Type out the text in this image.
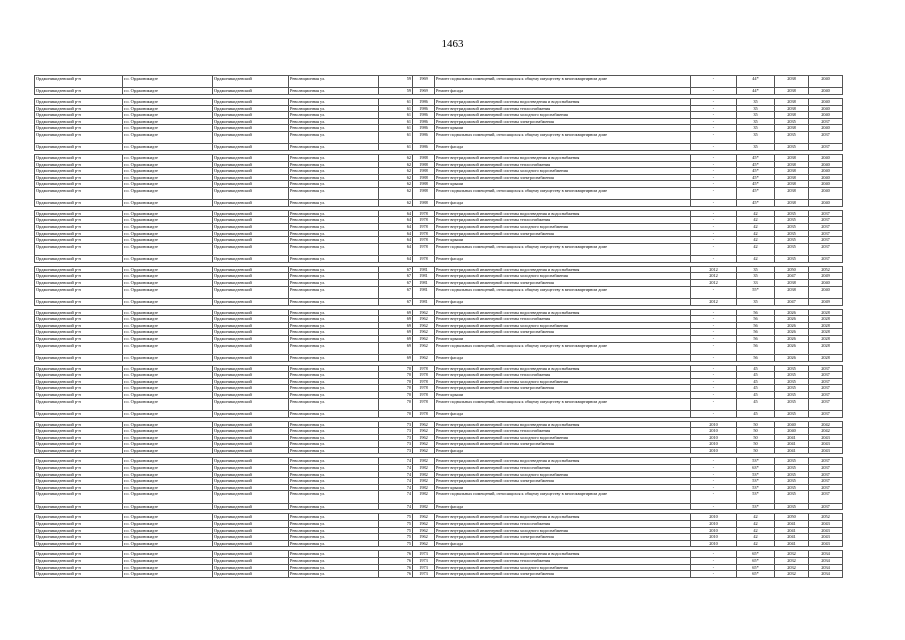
1463
Орджоникидзевский р-н	г.о. Орджоникидзе	Орджоникидзевский	Революционная ул.	59	1969	Ремонт подвальных помещений, относящихся к общему имуществу в многоквартирном доме	-	44*	2038	2040
Орджоникидзевский р-н	г.о. Орджоникидзе	Орджоникидзевский	Революционная ул.	59	1969	Ремонт фасада	-	44*	2038	2040

Орджоникидзевский р-н	г.о. Орджоникидзе	Орджоникидзевский	Революционная ул.	61	1986	Ремонт внутридомовой инженерной системы водоотведения и водоснабжения	-	35	2038	2040
Орджоникидзевский р-н	г.о. Орджоникидзе	Орджоникидзевский	Революционная ул.	61	1986	Ремонт внутридомовой инженерной системы теплоснабжения	-	35	2038	2040
Орджоникидзевский р-н	г.о. Орджоникидзе	Орджоникидзевский	Революционная ул.	61	1986	Ремонт внутридомовой инженерной системы холодного водоснабжения	-	35	2038	2040
Орджоникидзевский р-н	г.о. Орджоникидзе	Орджоникидзевский	Революционная ул.	61	1986	Ремонт внутридомовой инженерной системы электроснабжения	-	35	2035	2037
Орджоникидзевский р-н	г.о. Орджоникидзе	Орджоникидзевский	Революционная ул.	61	1986	Ремонт крыши	-	35	2038	2040
Орджоникидзевский р-н	г.о. Орджоникидзе	Орджоникидзевский	Революционная ул.	61	1986	Ремонт подвальных помещений, относящихся к общему имуществу в многоквартирном доме	-	35	2035	2037
Орджоникидзевский р-н	г.о. Орджоникидзе	Орджоникидзевский	Революционная ул.	61	1986	Ремонт фасада	-	35	2035	2037

Орджоникидзевский р-н	г.о. Орджоникидзе	Орджоникидзевский	Революционная ул.	62	1988	Ремонт внутридомовой инженерной системы водоотведения и водоснабжения	-	45*	2038	2040
Орджоникидзевский р-н	г.о. Орджоникидзе	Орджоникидзевский	Революционная ул.	62	1988	Ремонт внутридомовой инженерной системы теплоснабжения	-	45*	2038	2040
Орджоникидзевский р-н	г.о. Орджоникидзе	Орджоникидзевский	Революционная ул.	62	1988	Ремонт внутридомовой инженерной системы холодного водоснабжения	-	45*	2038	2040
Орджоникидзевский р-н	г.о. Орджоникидзе	Орджоникидзевский	Революционная ул.	62	1988	Ремонт внутридомовой инженерной системы электроснабжения	-	45*	2038	2040
Орджоникидзевский р-н	г.о. Орджоникидзе	Орджоникидзевский	Революционная ул.	62	1988	Ремонт крыши	-	45*	2038	2040
Орджоникидзевский р-н	г.о. Орджоникидзе	Орджоникидзевский	Революционная ул.	62	1988	Ремонт подвальных помещений, относящихся к общему имуществу в многоквартирном доме	-	45*	2038	2040
Орджоникидзевский р-н	г.о. Орджоникидзе	Орджоникидзевский	Революционная ул.	62	1988	Ремонт фасада	-	45*	2038	2040

Орджоникидзевский р-н	г.о. Орджоникидзе	Орджоникидзевский	Революционная ул.	64	1978	Ремонт внутридомовой инженерной системы водоотведения и водоснабжения	-	42	2035	2037
Орджоникидзевский р-н	г.о. Орджоникидзе	Орджоникидзевский	Революционная ул.	64	1978	Ремонт внутридомовой инженерной системы теплоснабжения	-	42	2035	2037
Орджоникидзевский р-н	г.о. Орджоникидзе	Орджоникидзевский	Революционная ул.	64	1978	Ремонт внутридомовой инженерной системы холодного водоснабжения	-	42	2035	2037
Орджоникидзевский р-н	г.о. Орджоникидзе	Орджоникидзевский	Революционная ул.	64	1978	Ремонт внутридомовой инженерной системы электроснабжения	-	42	2035	2037
Орджоникидзевский р-н	г.о. Орджоникидзе	Орджоникидзевский	Революционная ул.	64	1978	Ремонт крыши	-	42	2035	2037
Орджоникидзевский р-н	г.о. Орджоникидзе	Орджоникидзевский	Революционная ул.	64	1978	Ремонт подвальных помещений, относящихся к общему имуществу в многоквартирном доме	-	42	2035	2037
Орджоникидзевский р-н	г.о. Орджоникидзе	Орджоникидзевский	Революционная ул.	64	1978	Ремонт фасада	-	42	2035	2037

Орджоникидзевский р-н	г.о. Орджоникидзе	Орджоникидзевский	Революционная ул.	67	1981	Ремонт внутридомовой инженерной системы водоотведения и водоснабжения	2012	35	2050	2052
Орджоникидзевский р-н	г.о. Орджоникидзе	Орджоникидзевский	Революционная ул.	67	1981	Ремонт внутридомовой инженерной системы холодного водоснабжения	2012	35	2047	2049
Орджоникидзевский р-н	г.о. Орджоникидзе	Орджоникидзевский	Революционная ул.	67	1981	Ремонт внутридомовой инженерной системы электроснабжения	2012	33	2038	2040
Орджоникидзевский р-н	г.о. Орджоникидзе	Орджоникидзевский	Революционная ул.	67	1981	Ремонт подвальных помещений, относящихся к общему имуществу в многоквартирном доме	-	55*	2038	2040
Орджоникидзевский р-н	г.о. Орджоникидзе	Орджоникидзевский	Революционная ул.	67	1981	Ремонт фасада	2012	35	2047	2049

Орджоникидзевский р-н	г.о. Орджоникидзе	Орджоникидзевский	Революционная ул.	69	1962	Ремонт внутридомовой инженерной системы водоотведения и водоснабжения	-	56	2026	2028
Орджоникидзевский р-н	г.о. Орджоникидзе	Орджоникидзевский	Революционная ул.	69	1962	Ремонт внутридомовой инженерной системы теплоснабжения	-	56	2026	2028
Орджоникидзевский р-н	г.о. Орджоникидзе	Орджоникидзевский	Революционная ул.	69	1962	Ремонт внутридомовой инженерной системы холодного водоснабжения	-	56	2026	2028
Орджоникидзевский р-н	г.о. Орджоникидзе	Орджоникидзевский	Революционная ул.	69	1962	Ремонт внутридомовой инженерной системы электроснабжения	-	56	2026	2028
Орджоникидзевский р-н	г.о. Орджоникидзе	Орджоникидзевский	Революционная ул.	69	1962	Ремонт крыши	-	56	2026	2028
Орджоникидзевский р-н	г.о. Орджоникидзе	Орджоникидзевский	Революционная ул.	69	1962	Ремонт подвальных помещений, относящихся к общему имуществу в многоквартирном доме	-	56	2026	2028
Орджоникидзевский р-н	г.о. Орджоникидзе	Орджоникидзевский	Революционная ул.	69	1962	Ремонт фасада	-	56	2026	2028

Орджоникидзевский р-н	г.о. Орджоникидзе	Орджоникидзевский	Революционная ул.	70	1978	Ремонт внутридомовой инженерной системы водоотведения и водоснабжения	-	45	2035	2037
Орджоникидзевский р-н	г.о. Орджоникидзе	Орджоникидзевский	Революционная ул.	70	1978	Ремонт внутридомовой инженерной системы теплоснабжения	-	45	2035	2037
Орджоникидзевский р-н	г.о. Орджоникидзе	Орджоникидзевский	Революционная ул.	70	1978	Ремонт внутридомовой инженерной системы холодного водоснабжения	-	45	2035	2037
Орджоникидзевский р-н	г.о. Орджоникидзе	Орджоникидзевский	Революционная ул.	70	1978	Ремонт внутридомовой инженерной системы электроснабжения	-	45	2035	2037
Орджоникидзевский р-н	г.о. Орджоникидзе	Орджоникидзевский	Революционная ул.	70	1978	Ремонт крыши	-	45	2035	2037
Орджоникидзевский р-н	г.о. Орджоникидзе	Орджоникидзевский	Революционная ул.	70	1978	Ремонт подвальных помещений, относящихся к общему имуществу в многоквартирном доме	-	45	2035	2037
Орджоникидзевский р-н	г.о. Орджоникидзе	Орджоникидзевский	Революционная ул.	70	1978	Ремонт фасада	-	45	2035	2037

Орджоникидзевский р-н	г.о. Орджоникидзе	Орджоникидзевский	Революционная ул.	73	1962	Ремонт внутридомовой инженерной системы водоотведения и водоснабжения	2010	50	2040	2042
Орджоникидзевский р-н	г.о. Орджоникидзе	Орджоникидзевский	Революционная ул.	73	1962	Ремонт внутридомовой инженерной системы теплоснабжения	2010	50	2040	2042
Орджоникидзевский р-н	г.о. Орджоникидзе	Орджоникидзевский	Революционная ул.	73	1962	Ремонт внутридомовой инженерной системы холодного водоснабжения	2010	50	2041	2043
Орджоникидзевский р-н	г.о. Орджоникидзе	Орджоникидзевский	Революционная ул.	73	1962	Ремонт внутридомовой инженерной системы электроснабжения	2010	50	2041	2043
Орджоникидзевский р-н	г.о. Орджоникидзе	Орджоникидзевский	Революционная ул.	73	1962	Ремонт фасада	2010	50	2041	2043

Орджоникидзевский р-н	г.о. Орджоникидзе	Орджоникидзевский	Революционная ул.	74	1982	Ремонт внутридомовой инженерной системы водоотведения и водоснабжения	-	53*	2035	2037
Орджоникидзевский р-н	г.о. Орджоникидзе	Орджоникидзевский	Революционная ул.	74	1982	Ремонт внутридомовой инженерной системы теплоснабжения	-	63*	2035	2037
Орджоникидзевский р-н	г.о. Орджоникидзе	Орджоникидзевский	Революционная ул.	74	1982	Ремонт внутридомовой инженерной системы холодного водоснабжения	-	53*	2035	2037
Орджоникидзевский р-н	г.о. Орджоникидзе	Орджоникидзевский	Революционная ул.	74	1982	Ремонт внутридомовой инженерной системы электроснабжения	-	53*	2035	2037
Орджоникидзевский р-н	г.о. Орджоникидзе	Орджоникидзевский	Революционная ул.	74	1982	Ремонт крыши	-	53*	2035	2037
Орджоникидзевский р-н	г.о. Орджоникидзе	Орджоникидзевский	Революционная ул.	74	1982	Ремонт подвальных помещений, относящихся к общему имуществу в многоквартирном доме	-	53*	2035	2037
Орджоникидзевский р-н	г.о. Орджоникидзе	Орджоникидзевский	Революционная ул.	74	1982	Ремонт фасада	-	53*	2035	2037

Орджоникидзевский р-н	г.о. Орджоникидзе	Орджоникидзевский	Революционная ул.	75	1962	Ремонт внутридомовой инженерной системы водоотведения и водоснабжения	2010	42	2050	2052
Орджоникидзевский р-н	г.о. Орджоникидзе	Орджоникидзевский	Революционная ул.	75	1962	Ремонт внутридомовой инженерной системы теплоснабжения	2010	42	2041	2043
Орджоникидзевский р-н	г.о. Орджоникидзе	Орджоникидзевский	Революционная ул.	75	1962	Ремонт внутридомовой инженерной системы холодного водоснабжения	2010	42	2041	2043
Орджоникидзевский р-н	г.о. Орджоникидзе	Орджоникидзевский	Революционная ул.	75	1962	Ремонт внутридомовой инженерной системы электроснабжения	2010	42	2041	2043
Орджоникидзевский р-н	г.о. Орджоникидзе	Орджоникидзевский	Революционная ул.	75	1962	Ремонт фасада	2010	42	2041	2043

Орджоникидзевский р-н	г.о. Орджоникидзе	Орджоникидзевский	Революционная ул.	76	1973	Ремонт внутридомовой инженерной системы водоотведения и водоснабжения	-	65*	2032	2034
Орджоникидзевский р-н	г.о. Орджоникидзе	Орджоникидзевский	Революционная ул.	76	1973	Ремонт внутридомовой инженерной системы теплоснабжения	-	65*	2032	2034
Орджоникидзевский р-н	г.о. Орджоникидзе	Орджоникидзевский	Революционная ул.	76	1973	Ремонт внутридомовой инженерной системы холодного водоснабжения	-	65*	2032	2034
Орджоникидзевский р-н	г.о. Орджоникидзе	Орджоникидзевский	Революционная ул.	76	1973	Ремонт внутридомовой инженерной системы электроснабжения	-	65*	2032	2034
